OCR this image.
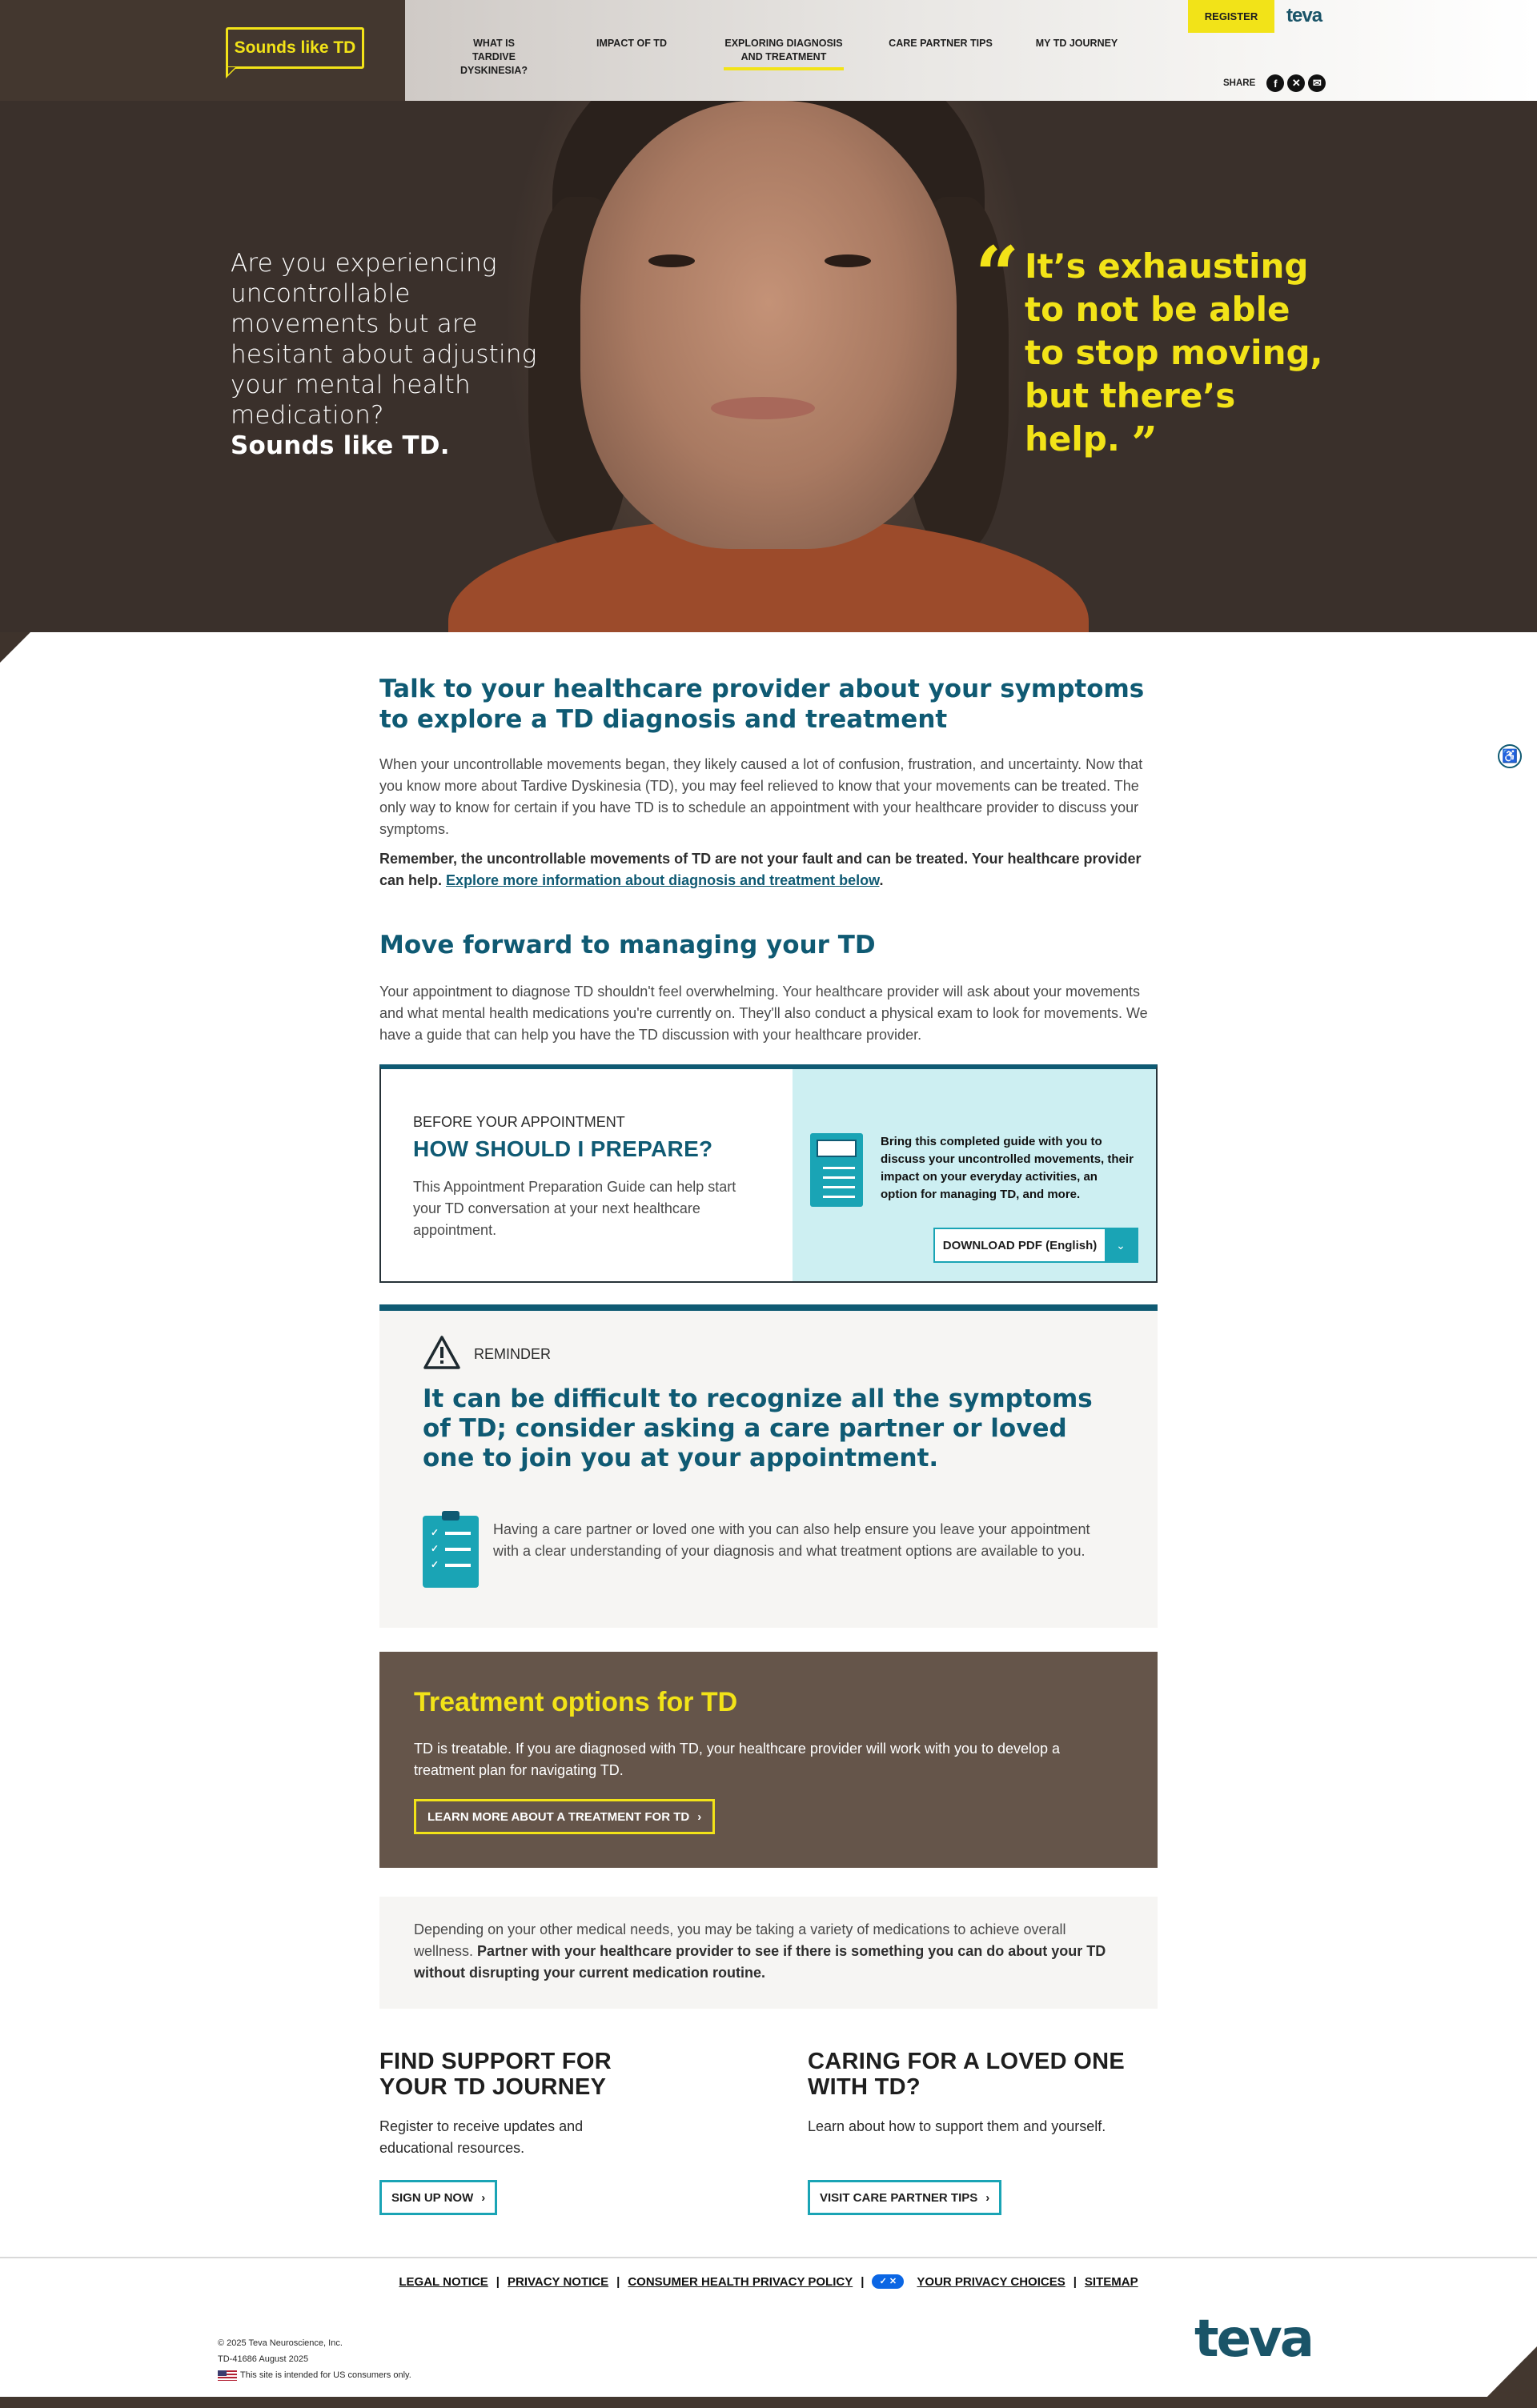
Sounds like TD	WHAT IS
TARDIVE DYSKINESIA?
IMPACT OF TD	EXPLORING DIAGNOSIS
AND TREATMENT
CARE PARTNER TIPS	MY TD JOURNEY
REGISTER	teva
SHARE	f	✕	✉
Are you experiencing uncontrollable movements but are hesitant about adjusting your mental health medication?
Sounds like TD.
“ It’s exhausting to not be able to stop moving, but there’s help. ”
♿
Talk to your healthcare provider about your symptoms to explore a TD diagnosis and treatment

When your uncontrollable movements began, they likely caused a lot of confusion, frustration, and uncertainty. Now that you know more about Tardive Dyskinesia (TD), you may feel relieved to know that your movements can be treated. The only way to know for certain if you have TD is to schedule an appointment with your healthcare provider to discuss your symptoms.

Remember, the uncontrollable movements of TD are not your fault and can be treated. Your healthcare provider can help. Explore more information about diagnosis and treatment below.

Move forward to managing your TD

Your appointment to diagnose TD shouldn't feel overwhelming. Your healthcare provider will ask about your movements and what mental health medications you're currently on. They'll also conduct a physical exam to look for movements. We have a guide that can help you have the TD discussion with your healthcare provider.

BEFORE YOUR APPOINTMENT
HOW SHOULD I PREPARE?
This Appointment Preparation Guide can help start your TD conversation at your next healthcare appointment.
Bring this completed guide with you to discuss your uncontrolled movements, their impact on your everyday activities, an option for managing TD, and more.
DOWNLOAD PDF (English)	⌄
REMINDER
It can be difficult to recognize all the symptoms of TD; consider asking a care partner or loved one to join you at your appointment.
✓
✓
✓

Having a care partner or loved one with you can also help ensure you leave your appointment with a clear understanding of your diagnosis and what treatment options are available to you.

Treatment options for TD

TD is treatable. If you are diagnosed with TD, your healthcare provider will work with you to develop a treatment plan for navigating TD.

LEARN MORE ABOUT A TREATMENT FOR TD ›

Depending on your other medical needs, you may be taking a variety of medications to achieve overall wellness. Partner with your healthcare provider to see if there is something you can do about your TD without disrupting your current medication routine.

FIND SUPPORT FOR YOUR TD JOURNEY

Register to receive updates and educational resources.

SIGN UP NOW ›
CARING FOR A LOVED ONE WITH TD?

Learn about how to support them and yourself.

VISIT CARE PARTNER TIPS ›
LEGAL NOTICE | PRIVACY NOTICE | CONSUMER HEALTH PRIVACY POLICY |	✓ ✕	YOUR PRIVACY CHOICES | SITEMAP
© 2025 Teva Neuroscience, Inc.
TD-41686 August 2025
This site is intended for US consumers only.
teva
